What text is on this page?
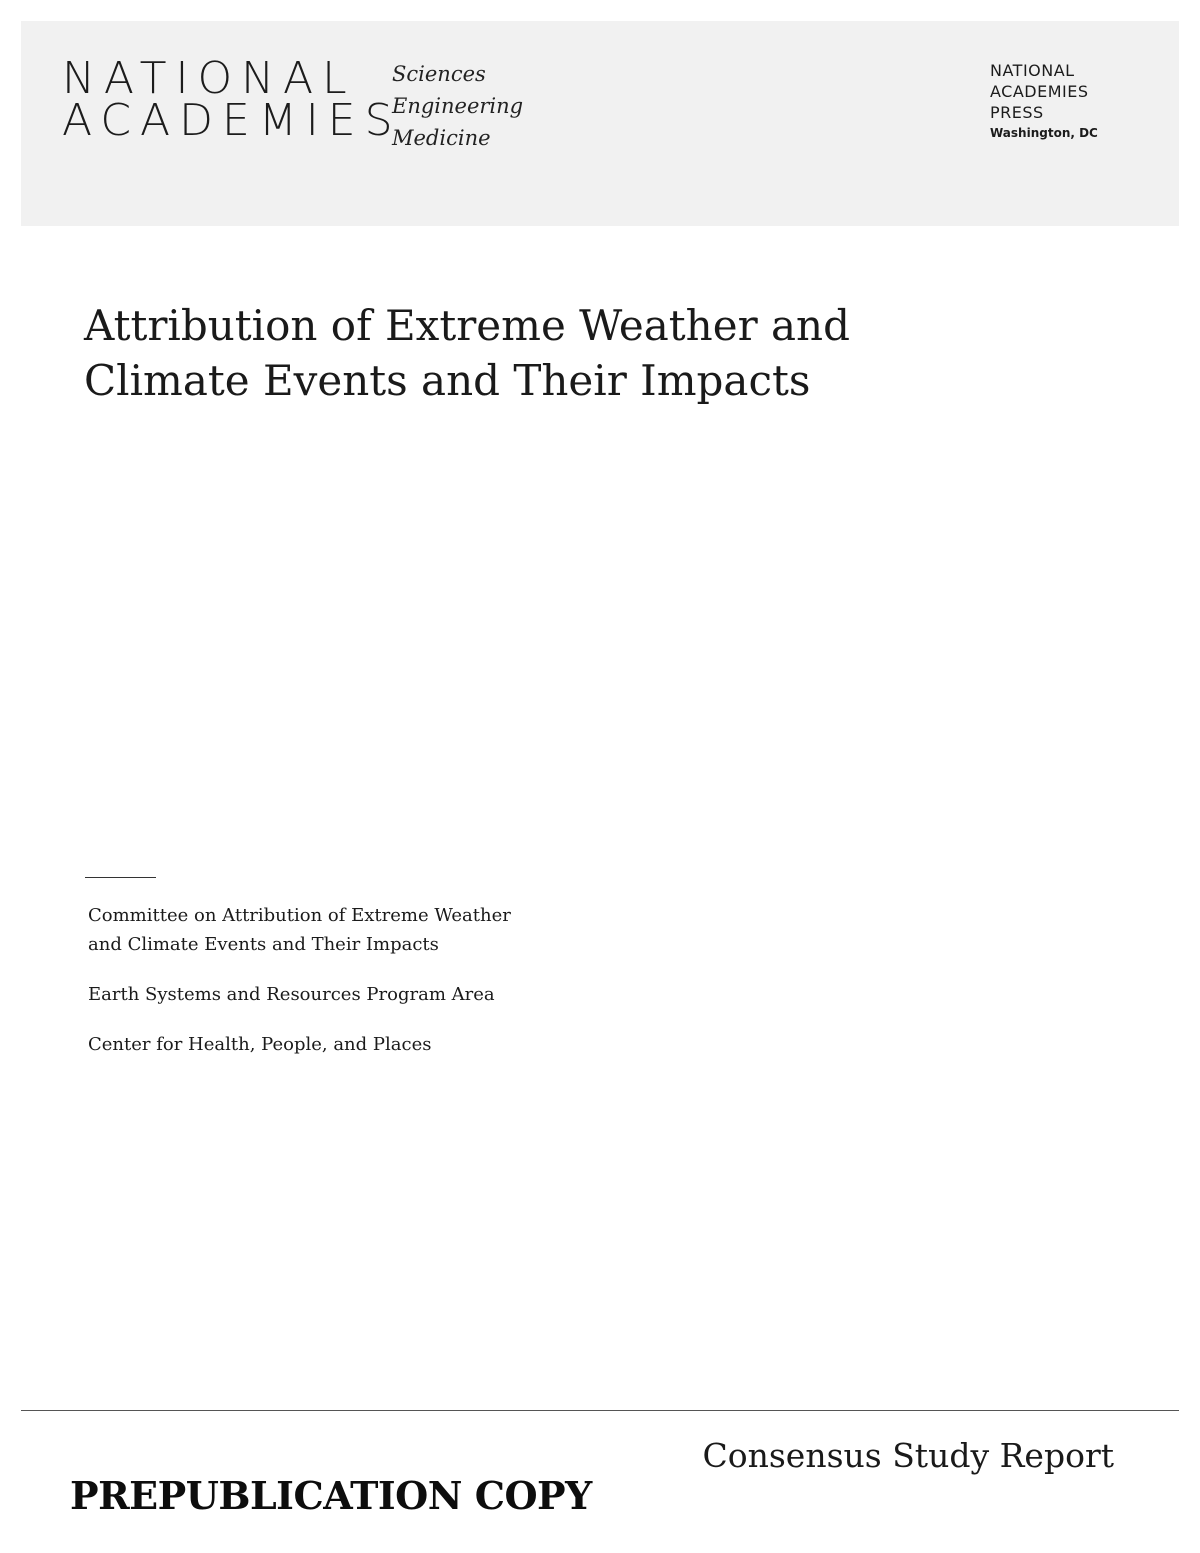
NATIONAL
ACADEMIES
Sciences
Engineering
Medicine
NATIONAL
ACADEMIES
PRESS
Washington, DC
Attribution of Extreme Weather and
Climate Events and Their Impacts
Committee on Attribution of Extreme Weather
and Climate Events and Their Impacts
Earth Systems and Resources Program Area
Center for Health, People, and Places
Consensus Study Report
PREPUBLICATION COPY
